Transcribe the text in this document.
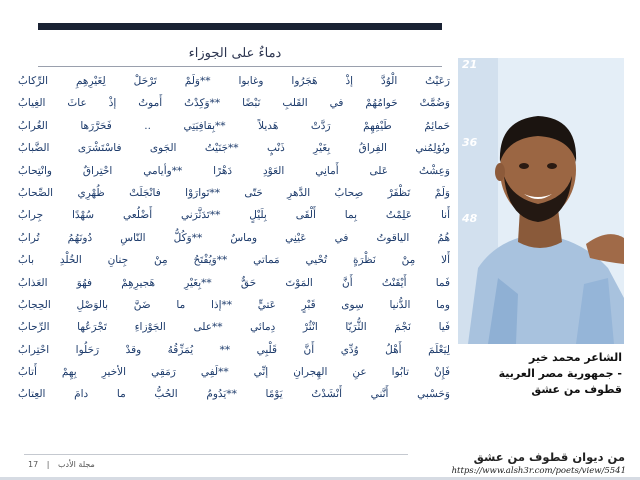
دماءٌ على الجوزاء
رَعَيْتُ الْوُدَّ إذْ هَجَرُوا وغابوا **وَلَمْ تَرْحَلْ لِغَيْرِهِمِ الرِّكابُ
وَضُمَّتْ حَوامُهُمْ في القَلبِ نَبْضًا **وَكِدْتُ أَموتُ إذْ عاثَ الغِيابُ
حَمائِمُ طَيْفِهِمْ رَدَّتْ هَديلاً **بِقافِيَتِي .. فَحَرَّرَها الغُرابُ
وبُؤلِمُني الفِراقُ بِغَيْرِ ذَنْبٍ **جَنَيْتُ الجَوى فاسْتَشْرَى الضَّبابُ
وَعِشْتُ عَلى أَمانِي العَوْدِ دَهْرًا **وأيامي احْتِراقٌ وانْتِحابُ
وَلَمْ تَظْفَرْ صِحابُ الدَّهرِ حَتّى **تَوارَوْا فانْجَلَتْ ظُهْرِي الصِّحابُ
أَنا عَلِمْتُ بِما أَلْقَى بِلَيْلٍ **تَدَثَّرَني أَضْلُعي سُهْدًا جِرابُ
هُمُ الياقوتُ في عَيْنِي وماسٌ **وَكُلُّ النّاسِ دُونَهُمُ تُرابُ
أَلا مِنْ نَظْرَةٍ تُحْيي مَماتي **وَيُفْتَحُ مِنْ جِنانِ الخُلْدِ بابُ
فَما أَيْقَنْتُ أَنَّ المَوْتَ حَقٌّ **بِغَيْرِ هَجيرِهِمْ فهُوَ العَذابُ
وما الدُّنيا سِوى قَبْرٍ عَتيٍّ **إذا ما ضَنَّ بالوَصْلِ الحِجابُ
فَيا نَجْمَ الثُّرَيّا انْثُرْ دِمائي **على الجَوْزاءِ تَجْرَعُها الرِّحابُ
لِيَعْلَمَ أَهْلُ وُدِّي أَنَّ قَلْبِي ** يُمَزِّقُهُ وقدْ رَحَلُوا احْتِرابُ
فَإِنْ تابُوا عنِ الهِجرانِ إنِّي **لَفِي رَمَقِي الأخيرِ بِهِمْ أَتابُ
وَحَسْبي أَنَّني أَنْشَدْتُ يَوْمًا **يَدُومُ الحُبُّ ما دامَ العِتابُ
21
36
48
الشاعر محمد خير
- جمهورية مصر العربية
قطوف من عشق
من ديوان قطوف من عشق
https://www.alsh3r.com/poets/view/5541
17 | مجلة الأدب
